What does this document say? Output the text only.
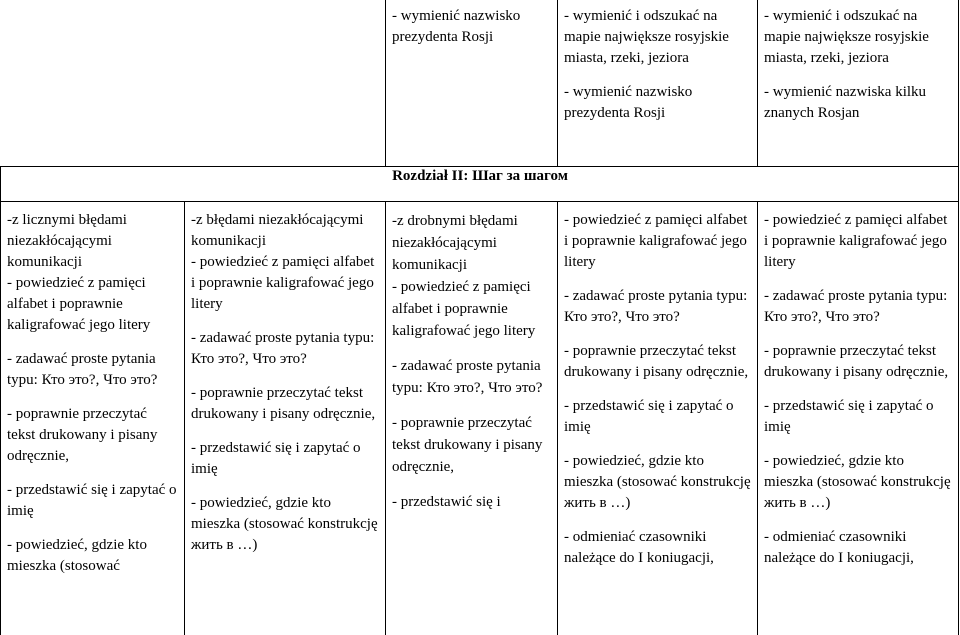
- wymienić nazwisko prezydenta Rosji

- wymienić i odszukać na mapie największe rosyjskie miasta, rzeki, jeziora

- wymienić nazwisko prezydenta Rosji

- wymienić i odszukać na mapie największe rosyjskie miasta, rzeki, jeziora

- wymienić nazwiska kilku znanych Rosjan

Rozdział II: Шаг за шагом

-z licznymi błędami niezakłócającymi komunikacji

- powiedzieć z pamięci alfabet i poprawnie kaligrafować jego litery

- zadawać proste pytania typu: Кто это?, Что это?

- poprawnie przeczytać tekst drukowany i pisany odręcznie,

- przedstawić się i zapytać o imię

- powiedzieć, gdzie kto mieszka (stosować

-z błędami niezakłócającymi komunikacji

- powiedzieć z pamięci alfabet i poprawnie kaligrafować jego litery

- zadawać proste pytania typu: Кто это?, Что это?

- poprawnie przeczytać tekst drukowany i pisany odręcznie,

- przedstawić się i zapytać o imię

- powiedzieć, gdzie kto mieszka (stosować konstrukcję жить в …)

-z drobnymi błędami niezakłócającymi komunikacji

- powiedzieć z pamięci alfabet i poprawnie kaligrafować jego litery

- zadawać proste pytania typu: Кто это?, Что это?

- poprawnie przeczytać tekst drukowany i pisany odręcznie,

- przedstawić się i

- powiedzieć z pamięci alfabet i poprawnie kaligrafować jego litery

- zadawać proste pytania typu: Кто это?, Что это?

- poprawnie przeczytać tekst drukowany i pisany odręcznie,

- przedstawić się i zapytać o imię

- powiedzieć, gdzie kto mieszka (stosować konstrukcję жить в …)

- odmieniać czasowniki należące do I koniugacji,

- powiedzieć z pamięci alfabet i poprawnie kaligrafować jego litery

- zadawać proste pytania typu: Кто это?, Что это?

- poprawnie przeczytać tekst drukowany i pisany odręcznie,

- przedstawić się i zapytać o imię

- powiedzieć, gdzie kto mieszka (stosować konstrukcję жить в …)

- odmieniać czasowniki należące do I koniugacji,
